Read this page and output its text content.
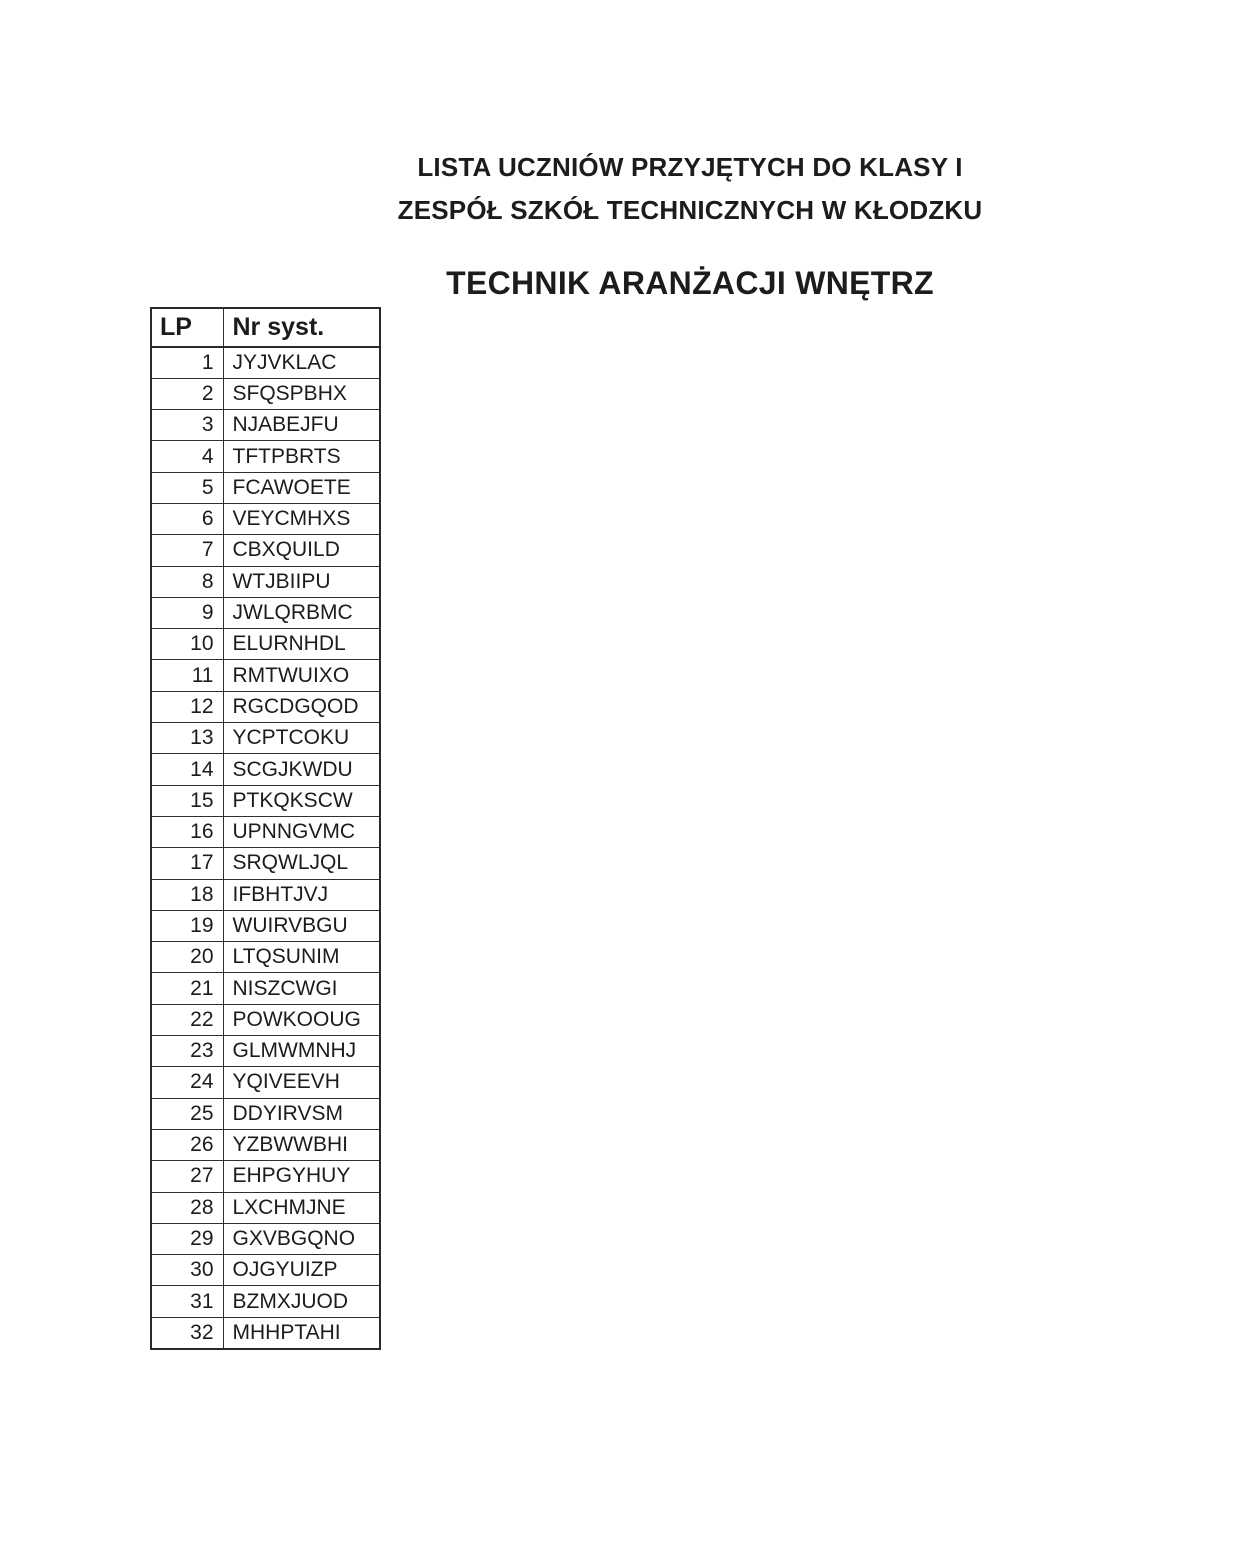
LISTA UCZNIÓW PRZYJĘTYCH DO KLASY I
ZESPÓŁ SZKÓŁ TECHNICZNYCH W KŁODZKU
TECHNIK ARANŻACJI WNĘTRZ
LP	Nr syst.
1	JYJVKLAC
2	SFQSPBHX
3	NJABEJFU
4	TFTPBRTS
5	FCAWOETE
6	VEYCMHXS
7	CBXQUILD
8	WTJBIIPU
9	JWLQRBMC
10	ELURNHDL
11	RMTWUIXO
12	RGCDGQOD
13	YCPTCOKU
14	SCGJKWDU
15	PTKQKSCW
16	UPNNGVMC
17	SRQWLJQL
18	IFBHTJVJ
19	WUIRVBGU
20	LTQSUNIM
21	NISZCWGI
22	POWKOOUG
23	GLMWMNHJ
24	YQIVEEVH
25	DDYIRVSM
26	YZBWWBHI
27	EHPGYHUY
28	LXCHMJNE
29	GXVBGQNO
30	OJGYUIZP
31	BZMXJUOD
32	MHHPTAHI
